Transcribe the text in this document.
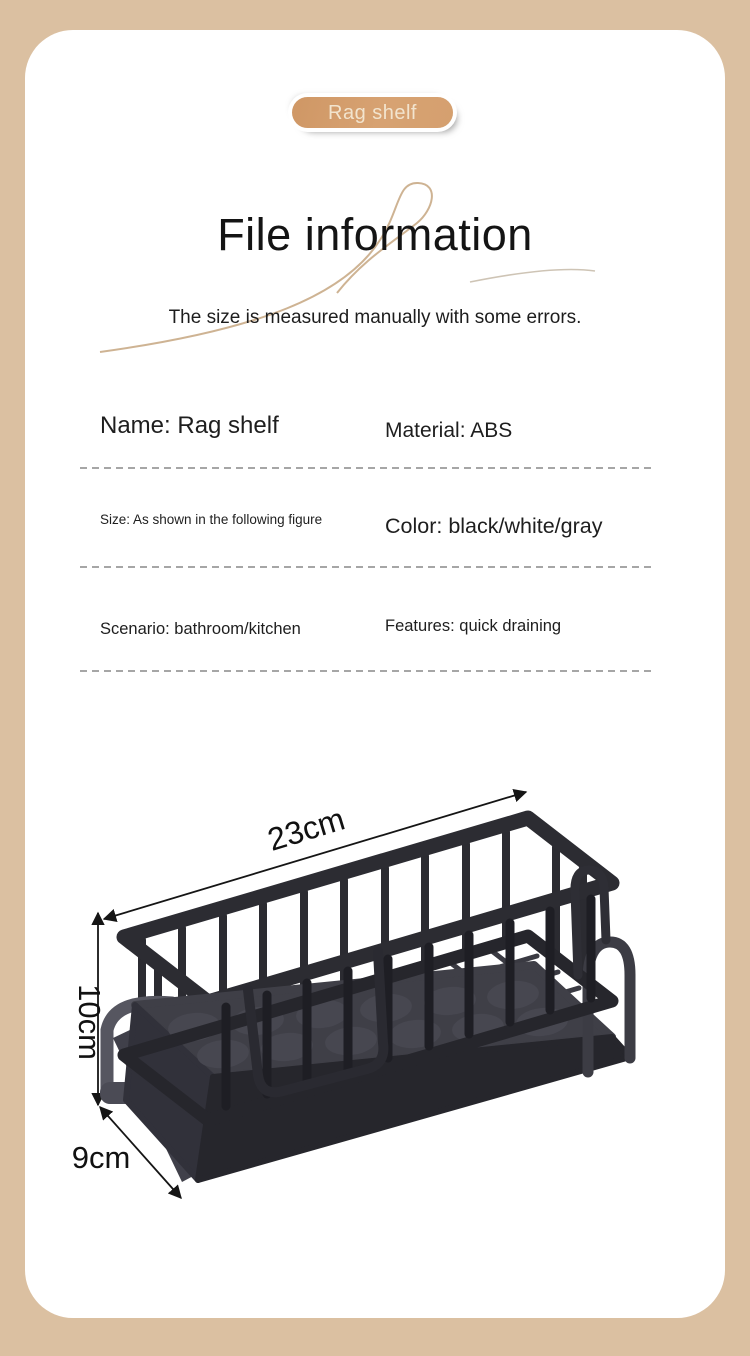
Rag shelf
File information

The size is measured manually with some errors.

Name: Rag shelf	Material: ABS
Size: As shown in the following figure	Color: black/white/gray
Scenario: bathroom/kitchen	Features: quick draining
23cm
10cm
9cm
